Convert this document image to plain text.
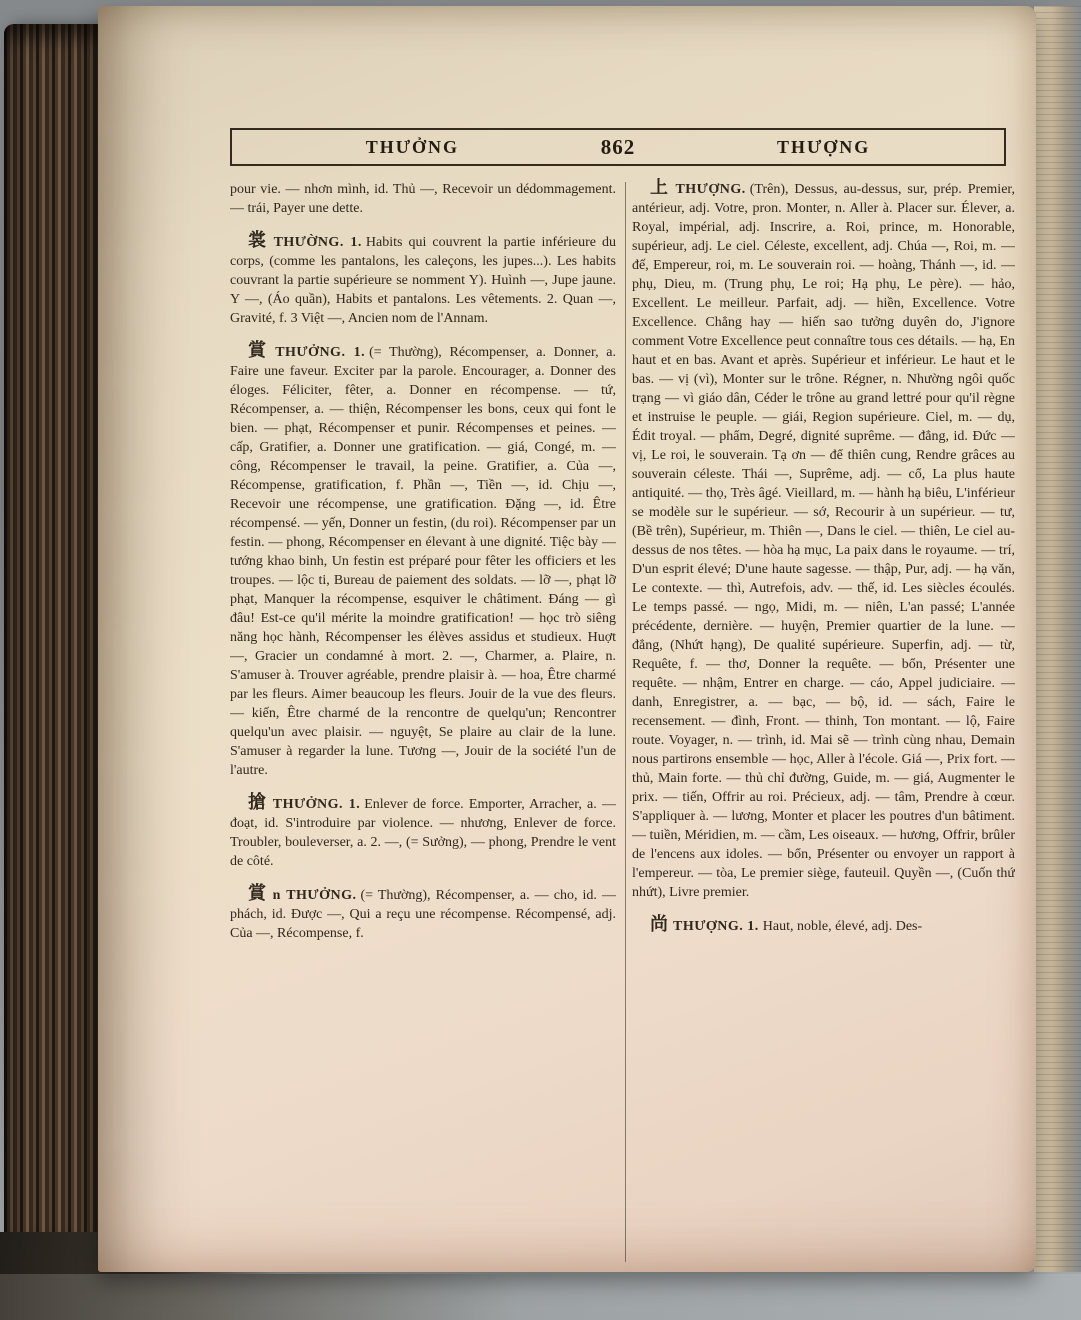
THƯỞNG	862	THƯỢNG

pour vie. — nhơn mình, id. Thủ —, Recevoir un dédommagement. — trái, Payer une dette.

裳 THƯỜNG. 1. Habits qui couvrent la partie inférieure du corps, (comme les pantalons, les caleçons, les jupes...). Les habits couvrant la partie supérieure se nomment Y). Huình —, Jupe jaune. Y —, (Áo quần), Habits et pantalons. Les vêtements. 2. Quan —, Gravité, f. 3 Việt —, Ancien nom de l'Annam.

賞 THƯỞNG. 1. (= Thường), Récompenser, a. Donner, a. Faire une faveur. Exciter par la parole. Encourager, a. Donner des éloges. Féliciter, fêter, a. Donner en récompense. — tứ, Récompenser, a. — thiện, Récompenser les bons, ceux qui font le bien. — phạt, Récompenser et punir. Récompenses et peines. — cấp, Gratifier, a. Donner une gratification. — giá, Congé, m. — công, Récompenser le travail, la peine. Gratifier, a. Của —, Récompense, gratification, f. Phần —, Tiền —, id. Chịu —, Recevoir une récompense, une gratification. Đặng —, id. Être récompensé. — yến, Donner un festin, (du roi). Récompenser par un festin. — phong, Récompenser en élevant à une dignité. Tiệc bày — tướng khao binh, Un festin est préparé pour fêter les officiers et les troupes. — lộc ti, Bureau de paiement des soldats. — lỡ —, phạt lỡ phạt, Manquer la récompense, esquiver le châtiment. Đáng — gì đâu! Est-ce qu'il mérite la moindre gratification! — học trò siêng năng học hành, Récompenser les élèves assidus et studieux. Huợt —, Gracier un condamné à mort. 2. —, Charmer, a. Plaire, n. S'amuser à. Trouver agréable, prendre plaisir à. — hoa, Être charmé par les fleurs. Aimer beaucoup les fleurs. Jouir de la vue des fleurs. — kiến, Être charmé de la rencontre de quelqu'un; Rencontrer quelqu'un avec plaisir. — nguyệt, Se plaire au clair de la lune. S'amuser à regarder la lune. Tương —, Jouir de la société l'un de l'autre.

搶 THƯỞNG. 1. Enlever de force. Emporter, Arracher, a. — đoạt, id. S'introduire par violence. — nhương, Enlever de force. Troubler, bouleverser, a. 2. —, (= Sưởng), — phong, Prendre le vent de côté.

賞 n THƯỞNG. (= Thường), Récompenser, a. — cho, id. — phách, id. Được —, Qui a reçu une récompense. Récompensé, adj. Của —, Récompense, f.

上 THƯỢNG. (Trên), Dessus, au-dessus, sur, prép. Premier, antérieur, adj. Votre, pron. Monter, n. Aller à. Placer sur. Élever, a. Royal, impérial, adj. Inscrire, a. Roi, prince, m. Honorable, supérieur, adj. Le ciel. Céleste, excellent, adj. Chúa —, Roi, m. — đế, Empereur, roi, m. Le souverain roi. — hoàng, Thánh —, id. — phụ, Dieu, m. (Trung phụ, Le roi; Hạ phụ, Le père). — hảo, Excellent. Le meilleur. Parfait, adj. — hiền, Excellence. Votre Excellence. Chẳng hay — hiến sao tưởng duyên do, J'ignore comment Votre Excellence peut connaître tous ces détails. — hạ, En haut et en bas. Avant et après. Supérieur et inférieur. Le haut et le bas. — vị (vì), Monter sur le trône. Régner, n. Nhường ngôi quốc trạng — vì giáo dân, Céder le trône au grand lettré pour qu'il règne et instruise le peuple. — giái, Region supérieure. Ciel, m. — dụ, Édit troyal. — phẩm, Degré, dignité suprême. — đẳng, id. Đức — vị, Le roi, le souverain. Tạ ơn — để thiên cung, Rendre grâces au souverain céleste. Thái —, Suprême, adj. — cổ, La plus haute antiquité. — thọ, Très âgé. Vieillard, m. — hành hạ biêu, L'inférieur se modèle sur le supérieur. — sớ, Recourir à un supérieur. — tư, (Bề trên), Supérieur, m. Thiên —, Dans le ciel. — thiên, Le ciel au-dessus de nos têtes. — hòa hạ mục, La paix dans le royaume. — trí, D'un esprit élevé; D'une haute sagesse. — thập, Pur, adj. — hạ văn, Le contexte. — thì, Autrefois, adv. — thế, id. Les siècles écoulés. Le temps passé. — ngọ, Midi, m. — niên, L'an passé; L'année précédente, dernière. — huyện, Premier quartier de la lune. — đẳng, (Nhứt hạng), De qualité supérieure. Superfin, adj. — từ, Requête, f. — thơ, Donner la requête. — bổn, Présenter une requête. — nhậm, Entrer en charge. — cáo, Appel judiciaire. — danh, Enregistrer, a. — bạc, — bộ, id. — sách, Faire le recensement. — đình, Front. — thinh, Ton montant. — lộ, Faire route. Voyager, n. — trình, id. Mai sẽ — trình cùng nhau, Demain nous partirons ensemble — học, Aller à l'école. Giá —, Prix fort. — thủ, Main forte. — thủ chỉ đường, Guide, m. — giá, Augmenter le prix. — tiến, Offrir au roi. Précieux, adj. — tâm, Prendre à cœur. S'appliquer à. — lương, Monter et placer les poutres d'un bâtiment. — tuiền, Méridien, m. — cầm, Les oiseaux. — hương, Offrir, brûler de l'encens aux idoles. — bổn, Présenter ou envoyer un rapport à l'empereur. — tòa, Le premier siège, fauteuil. Quyền —, (Cuốn thứ nhứt), Livre premier.

尚 THƯỢNG. 1. Haut, noble, élevé, adj. Des-
